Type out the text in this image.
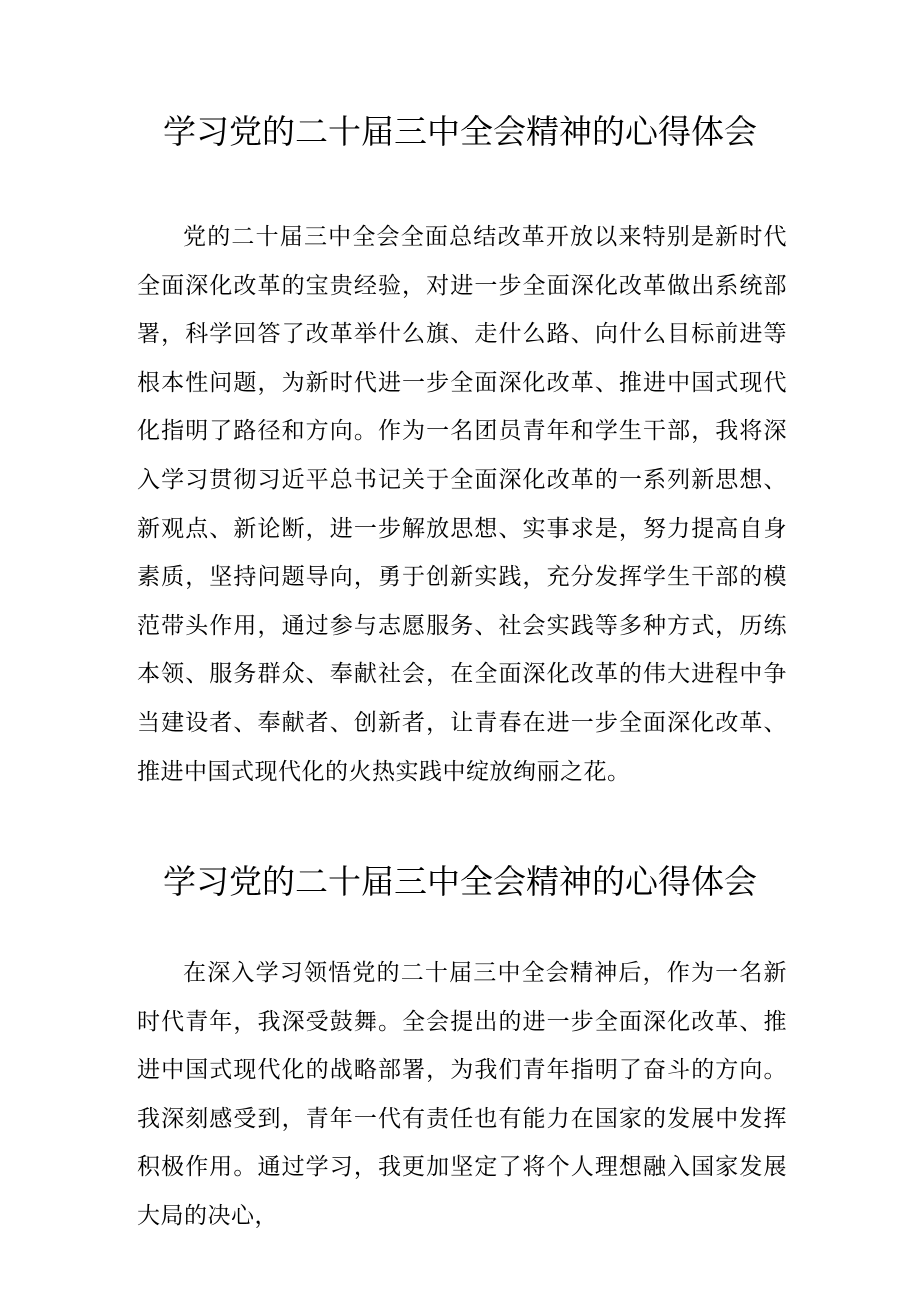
学习党的二十届三中全会精神的心得体会

党的二十届三中全会全面总结改革开放以来特别是新时代全面深化改革的宝贵经验，对进一步全面深化改革做出系统部署，科学回答了改革举什么旗、走什么路、向什么目标前进等根本性问题，为新时代进一步全面深化改革、推进中国式现代化指明了路径和方向。作为一名团员青年和学生干部，我将深入学习贯彻习近平总书记关于全面深化改革的一系列新思想、新观点、新论断，进一步解放思想、实事求是，努力提高自身素质，坚持问题导向，勇于创新实践，充分发挥学生干部的模范带头作用，通过参与志愿服务、社会实践等多种方式，历练本领、服务群众、奉献社会，在全面深化改革的伟大进程中争当建设者、奉献者、创新者，让青春在进一步全面深化改革、推进中国式现代化的火热实践中绽放绚丽之花。

学习党的二十届三中全会精神的心得体会

在深入学习领悟党的二十届三中全会精神后，作为一名新时代青年，我深受鼓舞。全会提出的进一步全面深化改革、推进中国式现代化的战略部署，为我们青年指明了奋斗的方向。我深刻感受到，青年一代有责任也有能力在国家的发展中发挥积极作用。通过学习，我更加坚定了将个人理想融入国家发展大局的决心，
